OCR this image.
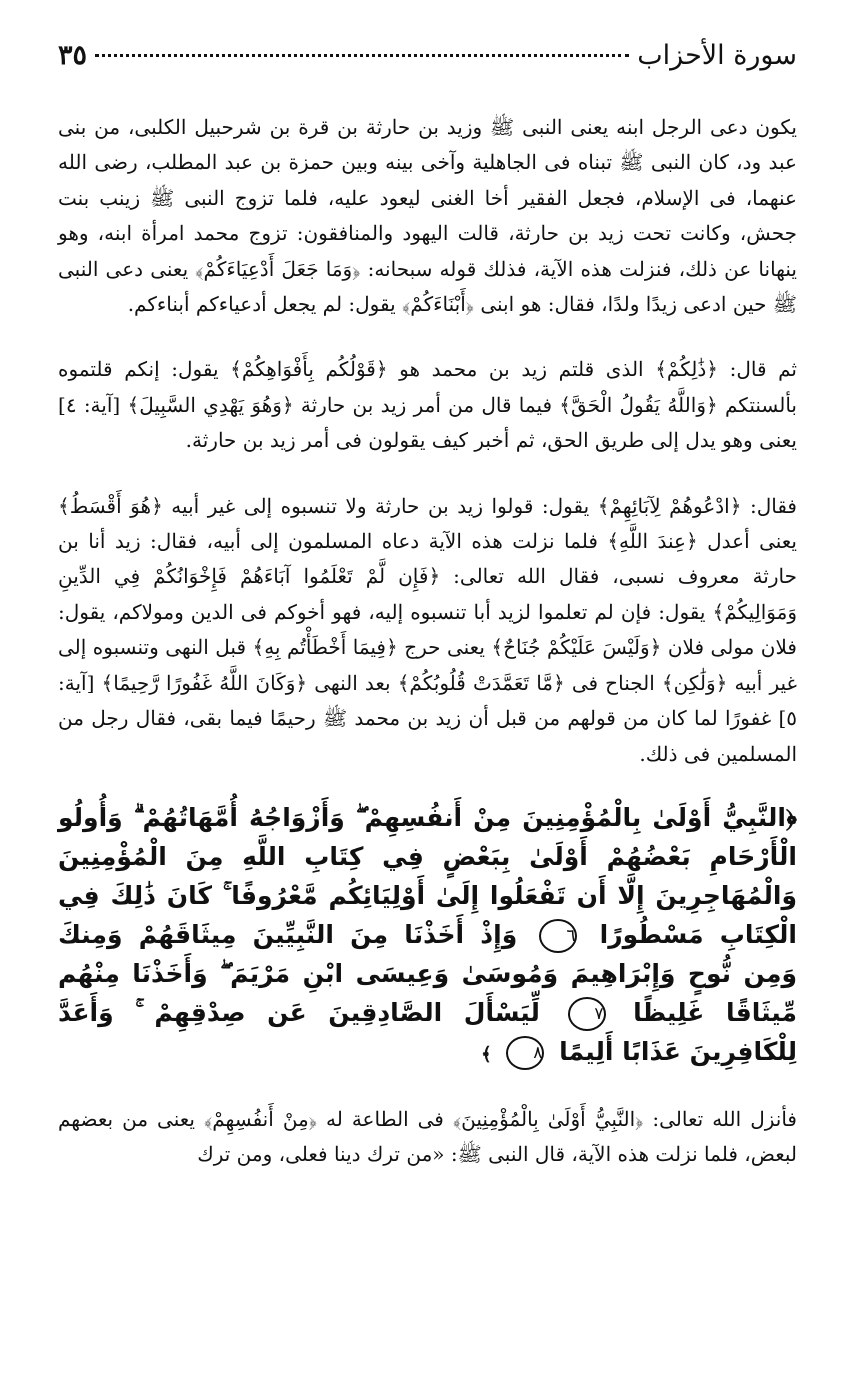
سورة الأحزاب
٣٥

يكون دعى الرجل ابنه يعنى النبى ﷺ وزيد بن حارثة بن قرة بن شرحبيل الكلبى، من بنى عبد ود، كان النبى ﷺ تبناه فى الجاهلية وآخى بينه وبين حمزة بن عبد المطلب، رضى الله عنهما، فى الإسلام، فجعل الفقير أخا الغنى ليعود عليه، فلما تزوج النبى ﷺ زينب بنت جحش، وكانت تحت زيد بن حارثة، قالت اليهود والمنافقون: تزوج محمد امرأة ابنه، وهو ينهانا عن ذلك، فنزلت هذه الآية، فذلك قوله سبحانه: ﴿وَمَا جَعَلَ أَدْعِيَاءَكُمْ﴾ يعنى دعى النبى ﷺ حين ادعى زيدًا ولدًا، فقال: هو ابنى ﴿أَبْنَاءَكُمْ﴾ يقول: لم يجعل أدعياءكم أبناءكم.

ثم قال: ﴿ذَٰلِكُمْ﴾ الذى قلتم زيد بن محمد هو ﴿قَوْلُكُم بِأَفْوَاهِكُمْ﴾ يقول: إنكم قلتموه بألسنتكم ﴿وَاللَّهُ يَقُولُ الْحَقَّ﴾ فيما قال من أمر زيد بن حارثة ﴿وَهُوَ يَهْدِي السَّبِيلَ﴾ [آية: ٤] يعنى وهو يدل إلى طريق الحق، ثم أخبر كيف يقولون فى أمر زيد بن حارثة.

فقال: ﴿ادْعُوهُمْ لِآبَائِهِمْ﴾ يقول: قولوا زيد بن حارثة ولا تنسبوه إلى غير أبيه ﴿هُوَ أَقْسَطُ﴾ يعنى أعدل ﴿عِندَ اللَّهِ﴾ فلما نزلت هذه الآية دعاه المسلمون إلى أبيه، فقال: زيد أنا بن حارثة معروف نسبى، فقال الله تعالى: ﴿فَإِن لَّمْ تَعْلَمُوا آبَاءَهُمْ فَإِخْوَانُكُمْ فِي الدِّينِ وَمَوَالِيكُمْ﴾ يقول: فإن لم تعلموا لزيد أبا تنسبوه إليه، فهو أخوكم فى الدين ومولاكم، يقول: فلان مولى فلان ﴿وَلَيْسَ عَلَيْكُمْ جُنَاحٌ﴾ يعنى حرج ﴿فِيمَا أَخْطَأْتُم بِهِ﴾ قبل النهى وتنسبوه إلى غير أبيه ﴿وَلَٰكِن﴾ الجناح فى ﴿مَّا تَعَمَّدَتْ قُلُوبُكُمْ﴾ بعد النهى ﴿وَكَانَ اللَّهُ غَفُورًا رَّحِيمًا﴾ [آية: ٥] غفورًا لما كان من قولهم من قبل أن زيد بن محمد ﷺ رحيمًا فيما بقى، فقال رجل من المسلمين فى ذلك.

﴿النَّبِيُّ أَوْلَىٰ بِالْمُؤْمِنِينَ مِنْ أَنفُسِهِمْ ۖ وَأَزْوَاجُهُ أُمَّهَاتُهُمْ ۗ وَأُولُو الْأَرْحَامِ بَعْضُهُمْ أَوْلَىٰ بِبَعْضٍ فِي كِتَابِ اللَّهِ مِنَ الْمُؤْمِنِينَ وَالْمُهَاجِرِينَ إِلَّا أَن تَفْعَلُوا إِلَىٰ أَوْلِيَائِكُم مَّعْرُوفًا ۚ كَانَ ذَٰلِكَ فِي الْكِتَابِ مَسْطُورًا ٦ وَإِذْ أَخَذْنَا مِنَ النَّبِيِّينَ مِيثَاقَهُمْ وَمِنكَ وَمِن نُّوحٍ وَإِبْرَاهِيمَ وَمُوسَىٰ وَعِيسَى ابْنِ مَرْيَمَ ۖ وَأَخَذْنَا مِنْهُم مِّيثَاقًا غَلِيظًا ٧ لِّيَسْأَلَ الصَّادِقِينَ عَن صِدْقِهِمْ ۚ وَأَعَدَّ لِلْكَافِرِينَ عَذَابًا أَلِيمًا ٨ ﴾

فأنزل الله تعالى: ﴿النَّبِيُّ أَوْلَىٰ بِالْمُؤْمِنِينَ﴾ فى الطاعة له ﴿مِنْ أَنفُسِهِمْ﴾ يعنى من بعضهم لبعض، فلما نزلت هذه الآية، قال النبى ﷺ: «من ترك دينا فعلى، ومن ترك
